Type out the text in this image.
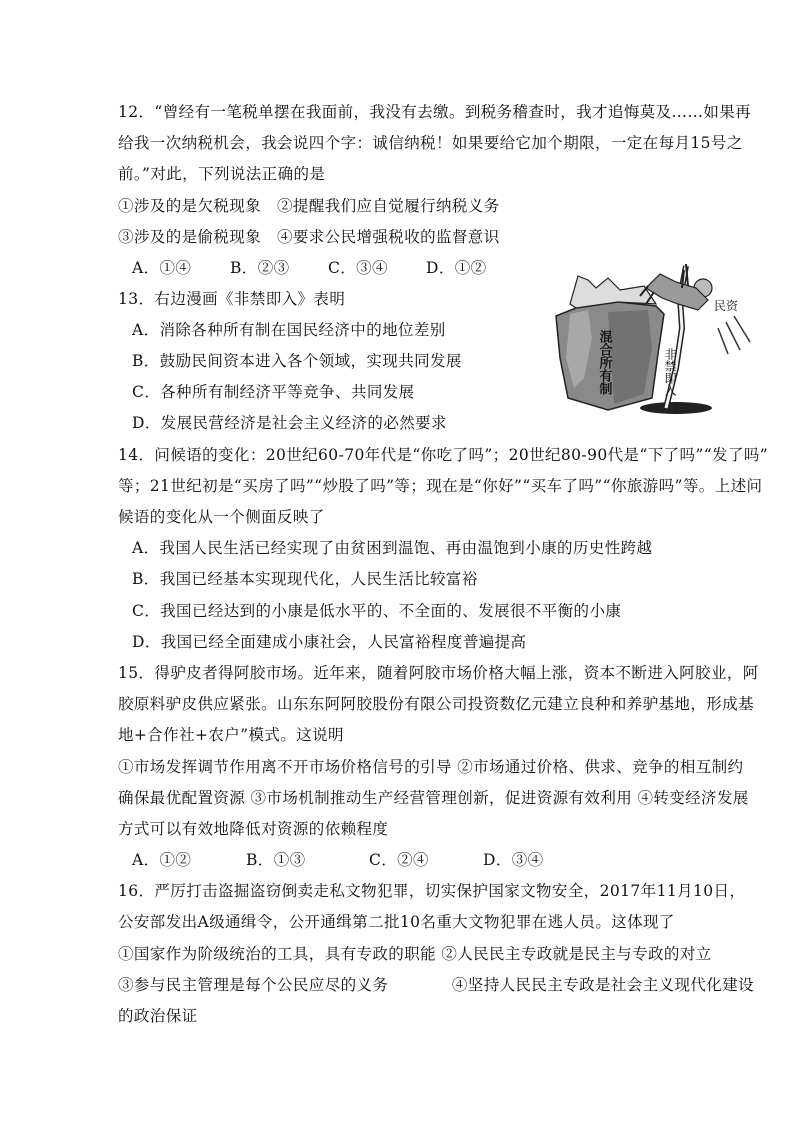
12．“曾经有一笔税单摆在我面前，我没有去缴。到税务稽查时，我才追悔莫及……如果再
给我一次纳税机会，我会说四个字：诚信纳税！如果要给它加个期限，一定在每月15号之
前。”对此，下列说法正确的是
①涉及的是欠税现象　②提醒我们应自觉履行纳税义务
③涉及的是偷税现象　④要求公民增强税收的监督意识
A．①④ B．②③ C．③④ D．①②
13．右边漫画《非禁即入》表明
A．消除各种所有制在国民经济中的地位差别
B．鼓励民间资本进入各个领域，实现共同发展
C．各种所有制经济平等竞争、共同发展
D．发展民营经济是社会主义经济的必然要求
混合所有制	非禁即入
民资
14．问候语的变化：20世纪60-70年代是“你吃了吗”；20世纪80-90代是“下了吗”“发了吗”
等；21世纪初是“买房了吗”“炒股了吗”等；现在是“你好”“买车了吗”“你旅游吗”等。上述问
候语的变化从一个侧面反映了
A．我国人民生活已经实现了由贫困到温饱、再由温饱到小康的历史性跨越
B．我国已经基本实现现代化，人民生活比较富裕
C．我国已经达到的小康是低水平的、不全面的、发展很不平衡的小康
D．我国已经全面建成小康社会，人民富裕程度普遍提高
15．得驴皮者得阿胶市场。近年来，随着阿胶市场价格大幅上涨，资本不断进入阿胶业，阿
胶原料驴皮供应紧张。山东东阿阿胶股份有限公司投资数亿元建立良种和养驴基地，形成基
地+合作社+农户”模式。这说明
①市场发挥调节作用离不开市场价格信号的引导 ②市场通过价格、供求、竞争的相互制约
确保最优配置资源 ③市场机制推动生产经营管理创新，促进资源有效利用 ④转变经济发展
方式可以有效地降低对资源的依赖程度
A．①②	B．①③	C．②④	D．③④
16．严厉打击盗掘盗窃倒卖走私文物犯罪，切实保护国家文物安全，2017年11月10日，
公安部发出A级通缉令，公开通缉第二批10名重大文物犯罪在逃人员。这体现了
①国家作为阶级统治的工具，具有专政的职能 ②人民民主专政就是民主与专政的对立
③参与民主管理是每个公民应尽的义务　　　　④坚持人民民主专政是社会主义现代化建设
的政治保证
